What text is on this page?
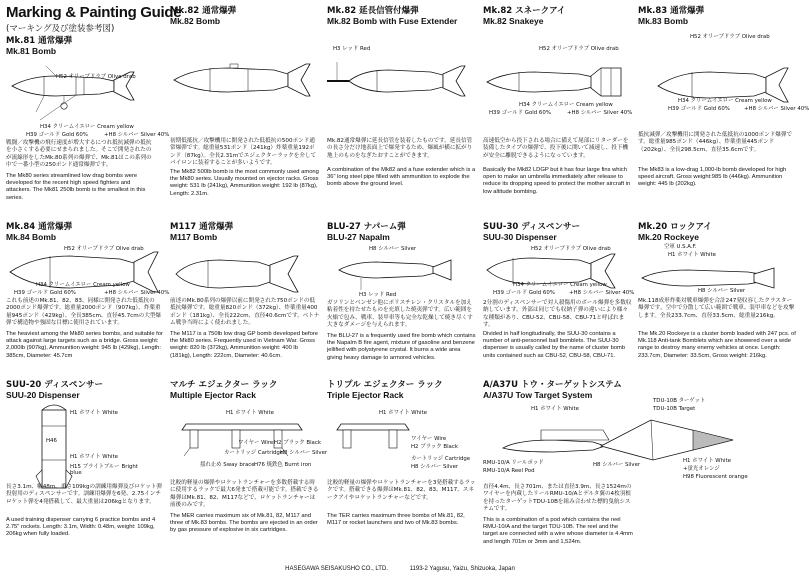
Marking & Painting Guide
(マーキング及び塗装参考図)
Mk.81 通常爆弾
Mk.81 Bomb
H52 オリーブドラブ Olive drab
H34 クリームイエロー Cream yellow
H39 ゴールド Gold 60%	+H8 シルバー Silver 40%
戦闘／攻撃機の飛行速度が増大するにつれ抵抗減弾の抵抗を小さくする必要にせまられました。そこで開発されたのが流線形をしたMk.80系列の爆弾で、Mk.81はこの系列の中で一番小型の250ポンド通常爆弾です。
The Mk80 series streamlined low drag bombs were developed for the recent high speed fighters and attackers. The Mk81 250lb bomb is the smallest in this series.
Mk.82 通常爆弾
Mk.82 Bomb
初期低抵抗／攻撃機用に開発された低抵抗の500ポンド通常爆弾です。総重量531ポンド（241kg）炸薬重量192ポンド（87kg）。全長2.31mでエジェクターラックを介してパイロンに装着することが多いようです。
The Mk82 500lb bomb is the most commonly used among the Mk80 series. Usually mounted on ejector racks. Gross weight: 531 lb (241kg), Ammunition weight: 192 lb (87kg), Length: 2.31m.
Mk.82 延長信管付爆弾
Mk.82 Bomb with Fuse Extender
H3 レッド Red
Mk.82通常爆弾に延長信管を装着したものです。延長信管の長さ分だけ地表面上で爆発するため、爆風が横に拡がり地上のものをなぎたおすことができます。
A combination of the Mk82 and a fuse extender which is a 36" long steel pipe filled with ammunition to explode the bomb above the ground level.
Mk.82 スネークアイ
Mk.82 Snakeye
H52 オリーブドラブ Olive drab
H34 クリームイエロー Cream yellow
H39 ゴールド Gold 60%	+H8 シルバー Silver 40%
高速低空から投下される場合に備えて尾部にリターダーを装備したタイプの爆弾で、投下後に開いて減速し、投下機が安全に離脱できるようになっています。
Basically the Mk82 LDGP but it has four large fins which open to make an umbrella immediately after release to reduce its dropping speed to protect the mother aircraft in low altitude bombing.
Mk.83 通常爆弾
Mk.83 Bomb
H52 オリーブドラブ Olive drab
H34 クリームイエロー Cream yellow
H39 ゴールド Gold 60%	+H8 シルバー Silver 40%
抵抗減弾／攻撃機用に開発された低抵抗の1000ポンド爆弾です。総重量985ポンド（446kg）、炸薬重量445ポンド（202kg）、全長298.5cm、直径35.6cmです。
The Mk83 is a low-drag 1,000-lb bomb developed for high speed aircraft. Gross weight:985 lb (446kg). Ammunition weight: 445 lb (202kg).
Mk.84 通常爆弾
Mk.84 Bomb
H52 オリーブドラブ Olive drab
H34 クリームイエロー Cream yellow
H39 ゴールド Gold 60%	+H8 シルバー Silver 40%
これも前述のMk.81、82、83、同様に開発された低抵抗の2000ポンド爆弾です。総重量2000ポンド（907kg）、炸薬重量945ポンド（429kg）、全長385cm、直径45.7cmの大型爆弾で構造物や強固な目標に使用されています。
The heaviest among the Mk80 series bombs, and suitable for attack against large targets such as a bridge. Gross weight: 2,000lb (907kg), Ammunition weight: 945 lb (429kg), Length: 385cm, Diameter: 45.7cm
M117 通常爆弾
M117 Bomb
前述のMk.80系列の爆弾以前に開発された750ポンドの低抵抗爆弾です。総重量820ポンド（372kg）、炸薬重量400ポンド（181kg）、全長222cm、直径40.6cmです。ベトナム戦争当時によく使われました。
The M117 is a 750lb low drag GP bomb developed before the Mk80 series. Frequently used in Vietnam War. Gross weight: 820 lb (372kg), Ammunition weight: 400 lb (181kg), Length: 222cm, Diameter: 40.6cm.
BLU-27 ナパーム弾
BLU-27 Napalm
H8 シルバー Silver
H3 レッド Red
ガソリンとベンゼン他にポリスチレン・クリスタルを加え粘着性を持たせたものを充填した焼夷弾です。広い範囲を火焔で包み、戦車、装甲車等も完全な乾燥して焼き尽くす大きなダメージを与えられます。
The BLU-27 is a frequently used fire bomb which contains the Napalm B fire agent, mixture of gasoline and benzene jellified with polystyrene crystal. It burns a wide area giving heavy damage to armored vehicles.
SUU-30 ディスペンサー
SUU-30 Dispenser
H52 オリーブドラブ Olive drab
H34 クリームイエロー Cream yellow
H39 ゴールド Gold 60%	+H8 シルバー Silver 40%
2分割のディスペンサーで対人殺傷用のボール爆弾を多数収納しています。外部は同じでも収納子弾の違いにより様々な種類があり、CBU-52、CBU-58、CBU-71と呼ばれます。
Divided in half longitudinally, the SUU-30 contains a number of anti-personnel ball bomblets. The SUU-30 dispenser is usually called by the name of cluster bomb units contained such as CBU-52, CBU-58, CBU-71.
Mk.20 ロックアイ
Mk.20 Rockeye
空軍 U.S.A.F.
H1 ホワイト White
H8 シルバー Silver
Mk.118成形炸薬対戦車爆弾を合計247発収容したクラスター爆弾です。空中で分散して広い範囲で戦車、装甲車などを攻撃します。全長233.7cm、直径33.5cm、総重量216kg。
The Mk.20 Rockeye is a cluster bomb loaded with 247 pcs. of Mk.118 Anti-tank Bomblets which are showered over a wide range to destroy many enemy vehicles at once. Length: 233.7cm, Diameter: 33.5cm, Gross weight: 216kg.
SUU-20 ディスペンサー
SUU-20 Dispenser
H1 ホワイト White
H46
H1 ホワイト White
H15 ブライトブルー Bright blue
長さ3.1m、幅48m、重さ109kgの訓練用爆弾及びロケット弾投射用のディスペンサーです。訓練用爆弾を6発、2.75インチロケット弾を4発搭載して、最大重量は206kgとなります。
A used training dispenser carrying 6 practice bombs and 4 2.75" rockets. Length: 3.1m, Width: 0.48m, weight: 109kg, 206kg when fully loaded.
マルチ エジェクター ラック
Multiple Ejector Rack
H1 ホワイト White
ワイヤー Wire H2 ブラック Black
カートリッジ Cartridge
H8 シルバー Silver
揺れ止め Sway brace H76 焼鉄色 Burnt iron
比較的軽量の爆弾やロケットランチャーを多数搭載する時に使用するラックで最大6発まで搭載可能です。搭載できる爆弾はMk.81、82、M117などで、ロケットランチャーは前後のみです。
The MER carries maximum six of Mk.81, 82, M117 and three of Mk.83 bombs. The bombs are ejected in an order by gas pressure of explosive in six cartridges.
トリプル エジェクター ラック
Triple Ejector Rack
H1 ホワイト White
ワイヤー Wire
H2 ブラック Black
カートリッジ Cartridge
H8 シルバー Silver
比較的軽量の爆弾やロケットランチャーを3発搭載するラックです。搭載できる爆弾はMk.81、82、83、M117、スネークアイやロケットランチャーなどです。
The TER carries maximum three bombs of Mk.81, 82, M117 or rocket launchers and two of Mk.83 bombs.
A/A37U トウ・ターゲットシステム
A/A37U Tow Target System
TDU-10B ターゲット
TDU-10B Target
H1 ホワイト White
RMU-10/A リールポッド
RMU-10/A Reel Pod
H8 シルバー Silver
H1 ホワイト White
+蛍光オレンジ
H98 Fluorescent orange
直径4.4m、長さ701m、または直径3.9m、長さ1524mのワイヤーを内蔵したリールRMU-10/Aとデルタ翼の4枚羽根を持ったターゲットTDU-10Bを組み合わせた標的曳航システムです。
This is a combination of a pod which contains the reel RMU-10/A and the target TDU-10B. The reel and the target are connected with a wire whose diameter is 4.4mm and length 701m or 3mm and 1,524m.
HASEGAWA SEISAKUSHO CO., LTD.	1193-2 Yagusu, Yaizu, Shizuoka, Japan
